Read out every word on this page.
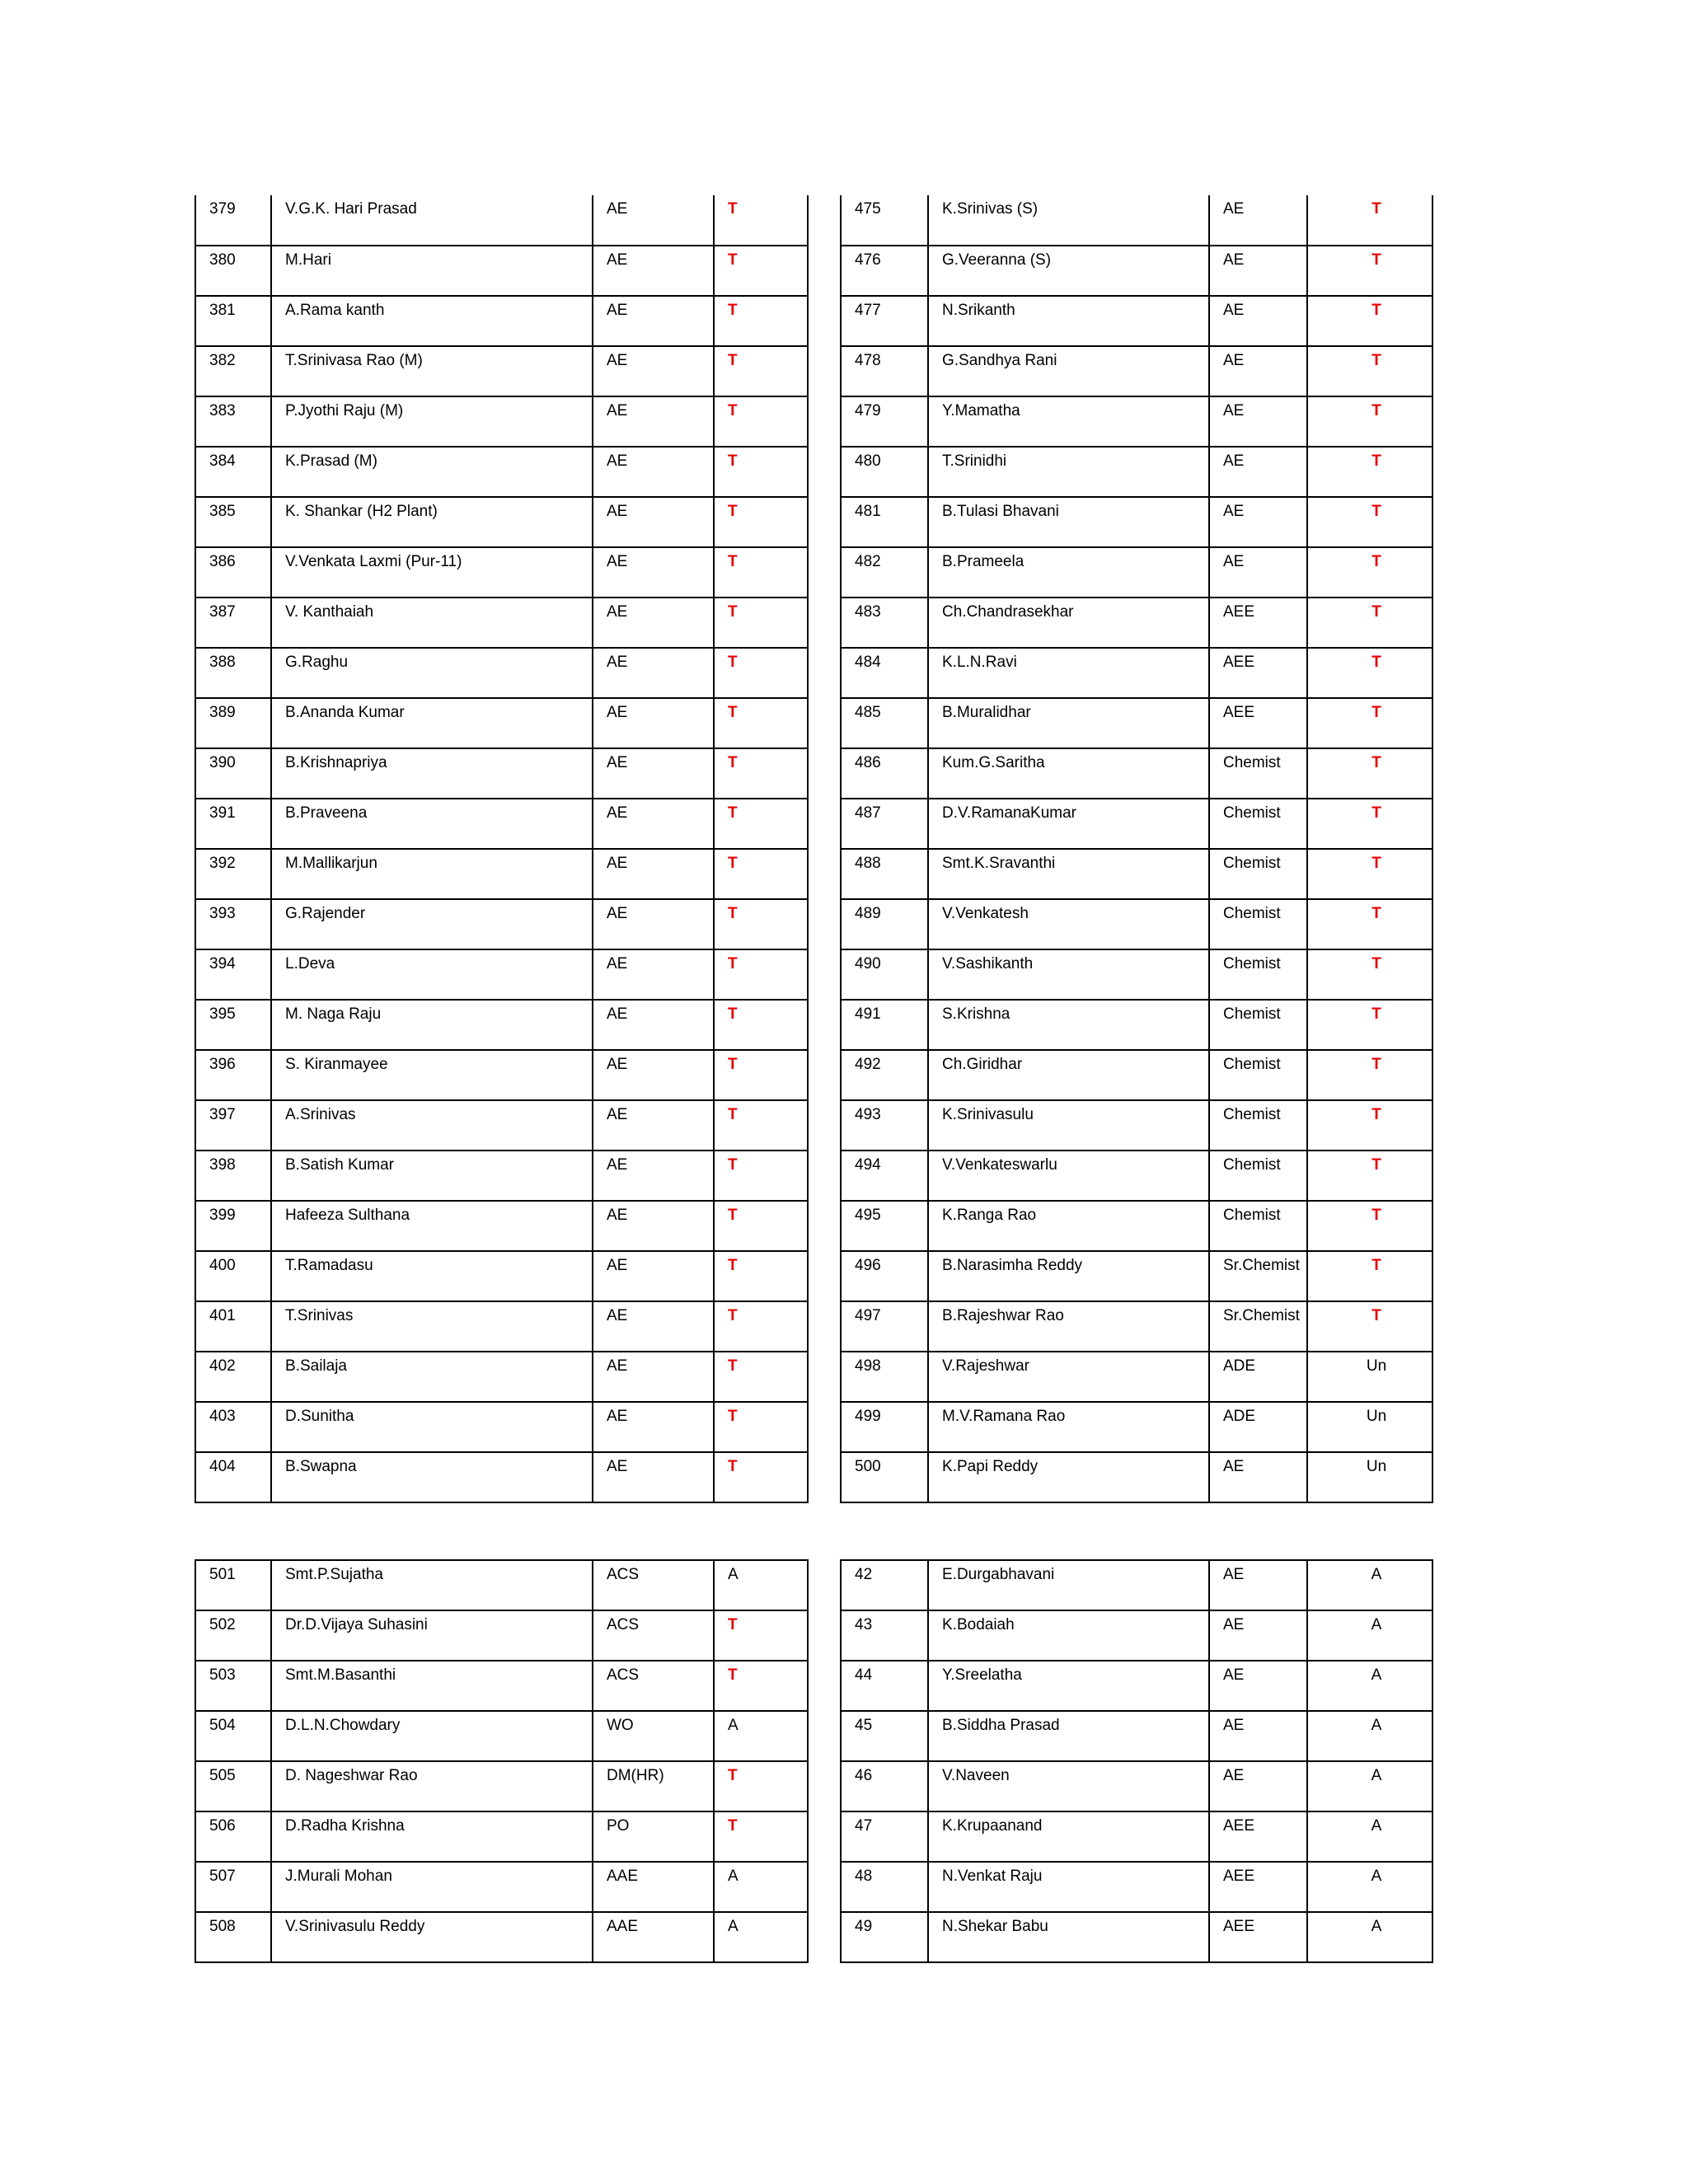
379	V.G.K. Hari Prasad	AE	T
380	M.Hari	AE	T
381	A.Rama kanth	AE	T
382	T.Srinivasa Rao (M)	AE	T
383	P.Jyothi Raju (M)	AE	T
384	K.Prasad (M)	AE	T
385	K. Shankar (H2 Plant)	AE	T
386	V.Venkata Laxmi (Pur-11)	AE	T
387	V. Kanthaiah	AE	T
388	G.Raghu	AE	T
389	B.Ananda Kumar	AE	T
390	B.Krishnapriya	AE	T
391	B.Praveena	AE	T
392	M.Mallikarjun	AE	T
393	G.Rajender	AE	T
394	L.Deva	AE	T
395	M. Naga Raju	AE	T
396	S. Kiranmayee	AE	T
397	A.Srinivas	AE	T
398	B.Satish Kumar	AE	T
399	Hafeeza Sulthana	AE	T
400	T.Ramadasu	AE	T
401	T.Srinivas	AE	T
402	B.Sailaja	AE	T
403	D.Sunitha	AE	T
404	B.Swapna	AE	T
475	K.Srinivas (S)	AE	T
476	G.Veeranna (S)	AE	T
477	N.Srikanth	AE	T
478	G.Sandhya Rani	AE	T
479	Y.Mamatha	AE	T
480	T.Srinidhi	AE	T
481	B.Tulasi Bhavani	AE	T
482	B.Prameela	AE	T
483	Ch.Chandrasekhar	AEE	T
484	K.L.N.Ravi	AEE	T
485	B.Muralidhar	AEE	T
486	Kum.G.Saritha	Chemist	T
487	D.V.RamanaKumar	Chemist	T
488	Smt.K.Sravanthi	Chemist	T
489	V.Venkatesh	Chemist	T
490	V.Sashikanth	Chemist	T
491	S.Krishna	Chemist	T
492	Ch.Giridhar	Chemist	T
493	K.Srinivasulu	Chemist	T
494	V.Venkateswarlu	Chemist	T
495	K.Ranga Rao	Chemist	T
496	B.Narasimha Reddy	Sr.Chemist	T
497	B.Rajeshwar Rao	Sr.Chemist	T
498	V.Rajeshwar	ADE	Un
499	M.V.Ramana Rao	ADE	Un
500	K.Papi Reddy	AE	Un
501	Smt.P.Sujatha	ACS	A
502	Dr.D.Vijaya Suhasini	ACS	T
503	Smt.M.Basanthi	ACS	T
504	D.L.N.Chowdary	WO	A
505	D. Nageshwar Rao	DM(HR)	T
506	D.Radha Krishna	PO	T
507	J.Murali Mohan	AAE	A
508	V.Srinivasulu Reddy	AAE	A
42	E.Durgabhavani	AE	A
43	K.Bodaiah	AE	A
44	Y.Sreelatha	AE	A
45	B.Siddha Prasad	AE	A
46	V.Naveen	AE	A
47	K.Krupaanand	AEE	A
48	N.Venkat Raju	AEE	A
49	N.Shekar Babu	AEE	A
